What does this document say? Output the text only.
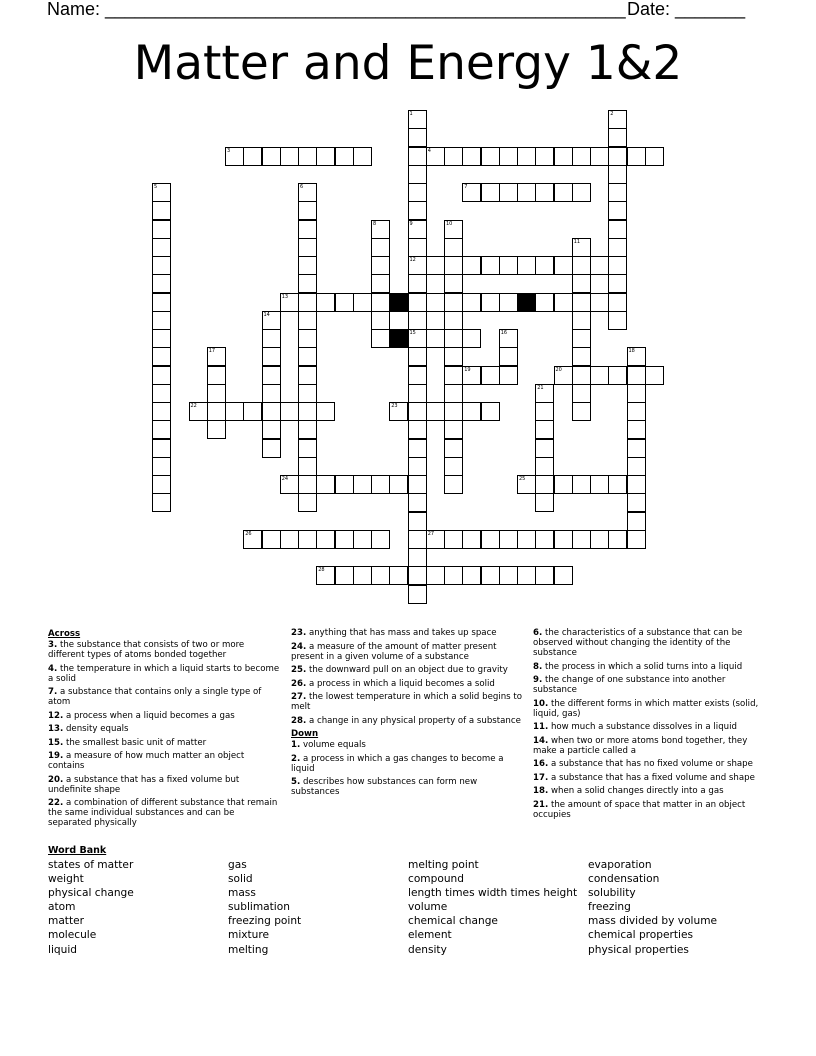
Name: ____________________________________________________ Date: _______
Matter and Energy 1&2
1
9
12
15
2
3	4
5	6	7
8	10
11
13
14
16
17	18
19	20
21
22	23
24	25
26	27
28
Across
3. the substance that consists of two or more different types of atoms bonded together
4. the temperature in which a liquid starts to become a solid
7. a substance that contains only a single type of atom
12. a process when a liquid becomes a gas
13. density equals
15. the smallest basic unit of matter
19. a measure of how much matter an object contains
20. a substance that has a fixed volume but undefinite shape
22. a combination of different substance that remain the same individual substances and can be separated physically
23. anything that has mass and takes up space
24. a measure of the amount of matter present present in a given volume of a substance
25. the downward pull on an object due to gravity
26. a process in which a liquid becomes a solid
27. the lowest temperature in which a solid begins to melt
28. a change in any physical property of a substance
Down
1. volume equals
2. a process in which a gas changes to become a liquid
5. describes how substances can form new substances
6. the characteristics of a substance that can be observed without changing the identity of the substance
8. the process in which a solid turns into a liquid
9. the change of one substance into another substance
10. the different forms in which matter exists (solid, liquid, gas)
11. how much a substance dissolves in a liquid
14. when two or more atoms bond together, they make a particle called a
16. a substance that has no fixed volume or shape
17. a substance that has a fixed volume and shape
18. when a solid changes directly into a gas
21. the amount of space that matter in an object occupies
Word Bank
states of matter
weight
physical change
atom
matter
molecule
liquid
gas
solid
mass
sublimation
freezing point
mixture
melting
melting point
compound
length times width times height
volume
chemical change
element
density
evaporation
condensation
solubility
freezing
mass divided by volume
chemical properties
physical properties
